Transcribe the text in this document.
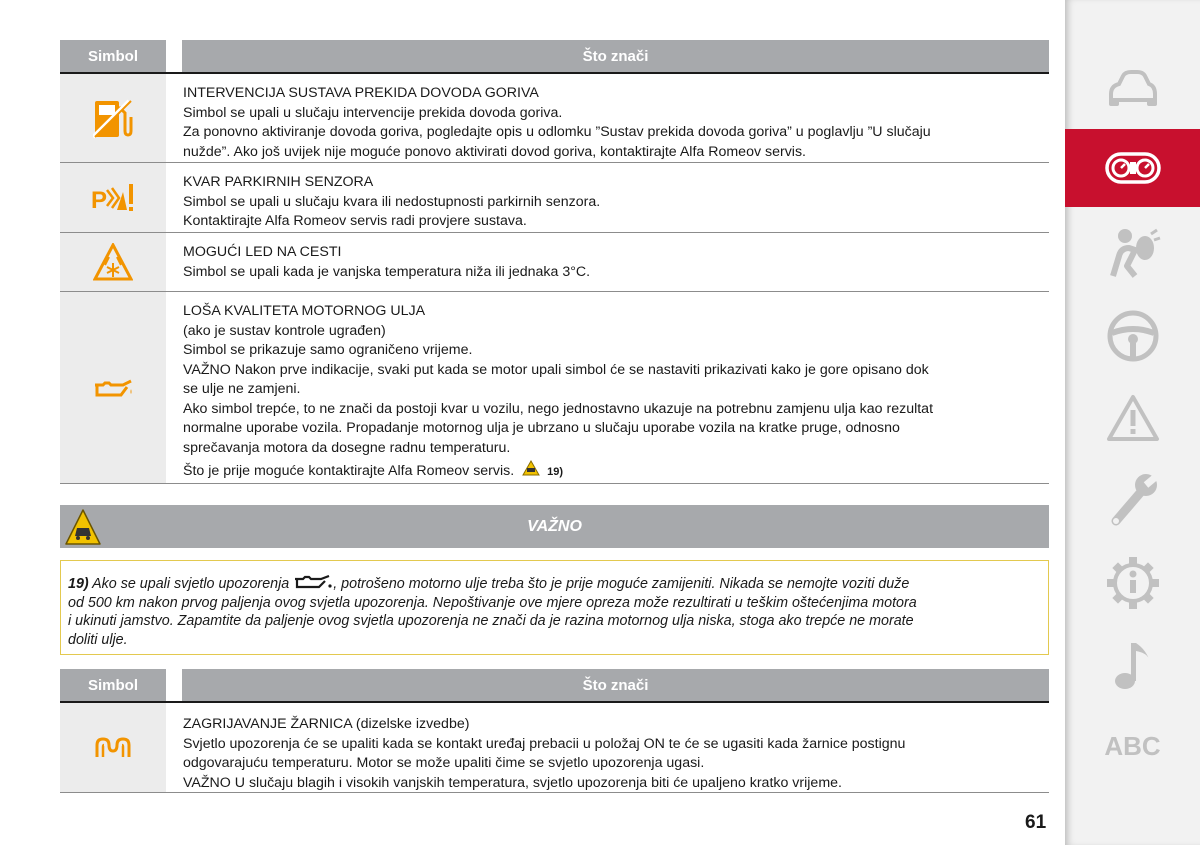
Simbol	Što znači
INTERVENCIJA SUSTAVA PREKIDA DOVODA GORIVA
Simbol se upali u slučaju intervencije prekida dovoda goriva.
Za ponovno aktiviranje dovoda goriva, pogledajte opis u odlomku ”Sustav prekida dovoda goriva” u poglavlju ”U slučaju
nužde”. Ako još uvijek nije moguće ponovo aktivirati dovod goriva, kontaktirajte Alfa Romeov servis.
P
KVAR PARKIRNIH SENZORA
Simbol se upali u slučaju kvara ili nedostupnosti parkirnih senzora.
Kontaktirajte Alfa Romeov servis radi provjere sustava.
MOGUĆI LED NA CESTI
Simbol se upali kada je vanjska temperatura niža ili jednaka 3°C.
LOŠA KVALITETA MOTORNOG ULJA
(ako je sustav kontrole ugrađen)
Simbol se prikazuje samo ograničeno vrijeme.
VAŽNO Nakon prve indikacije, svaki put kada se motor upali simbol će se nastaviti prikazivati kako je gore opisano dok
se ulje ne zamjeni.
Ako simbol trepće, to ne znači da postoji kvar u vozilu, nego jednostavno ukazuje na potrebnu zamjenu ulja kao rezultat
normalne uporabe vozila. Propadanje motornog ulja je ubrzano u slučaju uporabe vozila na kratke pruge, odnosno
sprečavanja motora da dosegne radnu temperaturu.
Što je prije moguće kontaktirajte Alfa Romeov servis.	19)
VAŽNO
19) Ako se upali svjetlo upozorenja	, potrošeno motorno ulje treba što je prije moguće zamijeniti. Nikada se nemojte voziti duže
od 500 km nakon prvog paljenja ovog svjetla upozorenja. Nepoštivanje ove mjere opreza može rezultirati u teškim oštećenjima motora
i ukinuti jamstvo. Zapamtite da paljenje ovog svjetla upozorenja ne znači da je razina motornog ulja niska, stoga ako trepće ne morate
doliti ulje.
Simbol	Što znači
ZAGRIJAVANJE ŽARNICA (dizelske izvedbe)
Svjetlo upozorenja će se upaliti kada se kontakt uređaj prebacii u položaj ON te će se ugasiti kada žarnice postignu
odgovarajuću temperaturu. Motor se može upaliti čime se svjetlo upozorenja ugasi.
VAŽNO U slučaju blagih i visokih vanjskih temperatura, svjetlo upozorenja biti će upaljeno kratko vrijeme.
61
ABC
